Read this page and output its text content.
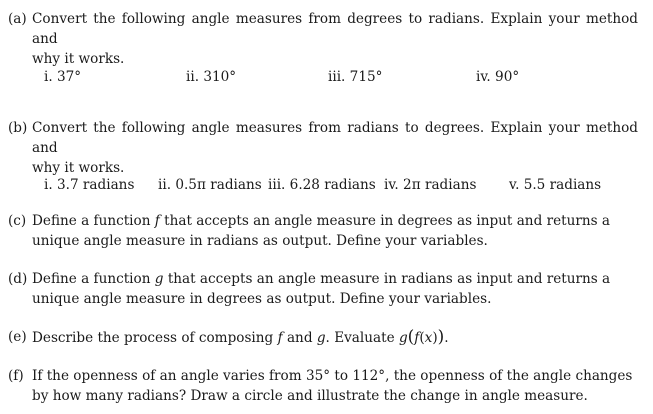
(a) Convert the following angle measures from degrees to radians. Explain your method and
why it works.
i. 37°	ii. 310°	iii. 715°	iv. 90°
(b) Convert the following angle measures from radians to degrees. Explain your method and
why it works.
i. 3.7 radians ii. 0.5π radians iii. 6.28 radians iv. 2π radians v. 5.5 radians
(c) Define a function f that accepts an angle measure in degrees as input and returns a
unique angle measure in radians as output. Define your variables.
(d) Define a function g that accepts an angle measure in radians as input and returns a
unique angle measure in degrees as output. Define your variables.
(e) Describe the process of composing f and g. Evaluate g(f(x)).
(f) If the openness of an angle varies from 35° to 112°, the openness of the angle changes
by how many radians? Draw a circle and illustrate the change in angle measure.
